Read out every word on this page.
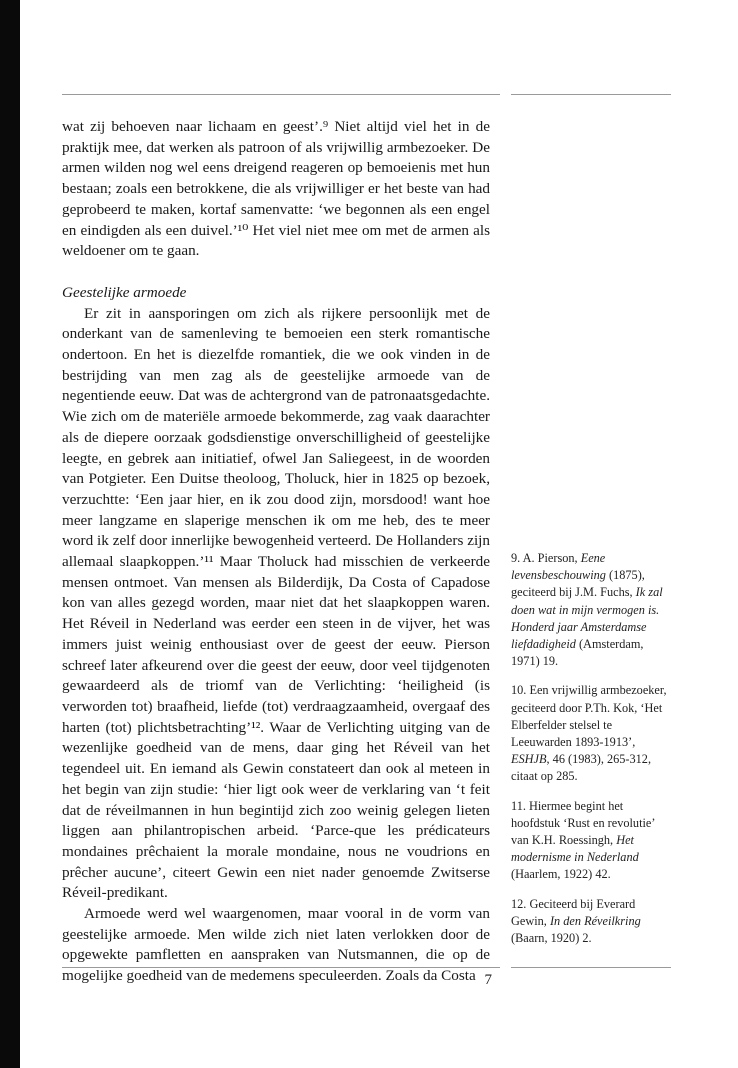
wat zij behoeven naar lichaam en geest’.⁹ Niet altijd viel het in de praktijk mee, dat werken als patroon of als vrijwillig armbezoeker. De armen wilden nog wel eens dreigend reageren op bemoeienis met hun bestaan; zoals een betrokkene, die als vrijwilliger er het beste van had geprobeerd te maken, kortaf samenvatte: ‘we begonnen als een engel en eindigden als een duivel.’¹⁰ Het viel niet mee om met de armen als weldoener om te gaan.

Geestelijke armoede

Er zit in aansporingen om zich als rijkere persoonlijk met de onderkant van de samenleving te bemoeien een sterk romantische ondertoon. En het is diezelfde romantiek, die we ook vinden in de bestrijding van men zag als de geestelijke armoede van de negentiende eeuw. Dat was de achtergrond van de patronaatsgedachte. Wie zich om de materiële armoede bekommerde, zag vaak daarachter als de diepere oorzaak godsdienstige onverschilligheid of geestelijke leegte, en gebrek aan initiatief, ofwel Jan Saliegeest, in de woorden van Potgieter. Een Duitse theoloog, Tholuck, hier in 1825 op bezoek, verzuchtte: ‘Een jaar hier, en ik zou dood zijn, morsdood! want hoe meer langzame en slaperige menschen ik om me heb, des te meer word ik zelf door innerlijke bewogenheid verteerd. De Hollanders zijn allemaal slaapkoppen.’¹¹ Maar Tholuck had misschien de verkeerde mensen ontmoet. Van mensen als Bilderdijk, Da Costa of Capadose kon van alles gezegd worden, maar niet dat het slaapkoppen waren. Het Réveil in Nederland was eerder een steen in de vijver, het was immers juist weinig enthousiast over de geest der eeuw. Pierson schreef later afkeurend over die geest der eeuw, door veel tijdgenoten gewaardeerd als de triomf van de Verlichting: ‘heiligheid (is verworden tot) braafheid, liefde (tot) verdraagzaamheid, overgaaf des harten (tot) plichtsbetrachting’¹². Waar de Verlichting uitging van de wezenlijke goedheid van de mens, daar ging het Réveil van het tegendeel uit. En iemand als Gewin constateert dan ook al meteen in het begin van zijn studie: ‘hier ligt ook weer de verklaring van ‘t feit dat de réveilmannen in hun begintijd zich zoo weinig gelegen lieten liggen aan philantropischen arbeid. ‘Parce-que les prédicateurs mondaines prêchaient la morale mondaine, nous ne voudrions en prêcher aucune’, citeert Gewin een niet nader genoemde Zwitserse Réveil-predikant.

Armoede werd wel waargenomen, maar vooral in de vorm van geestelijke armoede. Men wilde zich niet laten verlokken door de opgewekte pamfletten en aanspraken van Nutsmannen, die op de mogelijke goedheid van de medemens speculeerden. Zoals da Costa

9. A. Pierson, Eene levensbeschouwing (1875), geciteerd bij J.M. Fuchs, Ik zal doen wat in mijn vermogen is. Honderd jaar Amsterdamse liefdadigheid (Amsterdam, 1971) 19.

10. Een vrijwillig armbezoeker, geciteerd door P.Th. Kok, ‘Het Elberfelder stelsel te Leeuwarden 1893-1913’, ESHJB, 46 (1983), 265-312, citaat op 285.

11. Hiermee begint het hoofdstuk ‘Rust en revolutie’ van K.H. Roessingh, Het modernisme in Nederland (Haarlem, 1922) 42.

12. Geciteerd bij Everard Gewin, In den Réveilkring (Baarn, 1920) 2.

7
